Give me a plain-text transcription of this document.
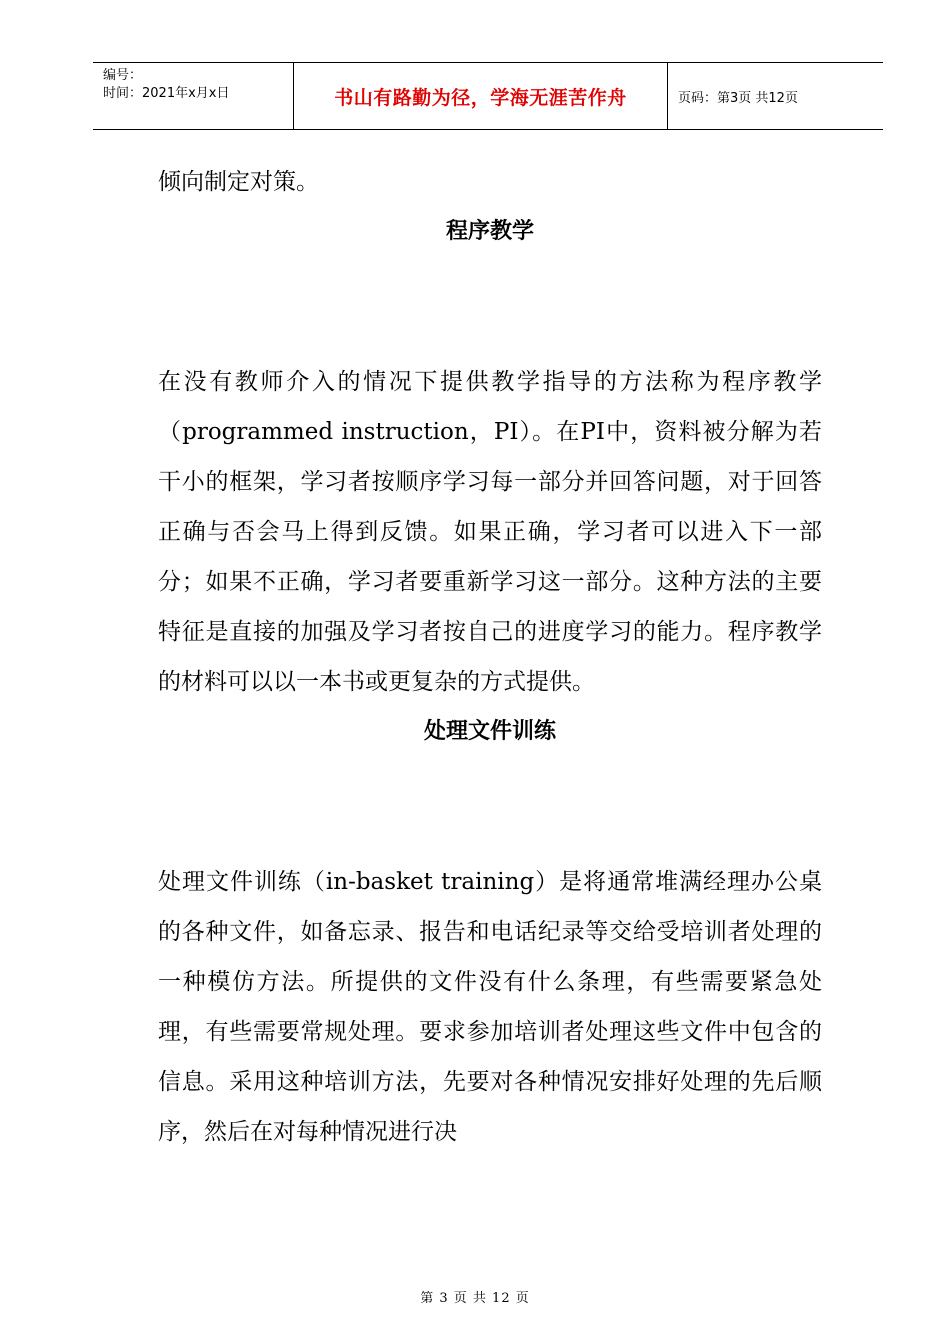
编号：
时间：2021年x月x日	书山有路勤为径，学海无涯苦作舟	页码：第3页 共12页

倾向制定对策。

程序教学

在没有教师介入的情况下提供教学指导的方法称为程序教学（programmed instruction，PI）。在PI中，资料被分解为若干小的框架，学习者按顺序学习每一部分并回答问题，对于回答正确与否会马上得到反馈。如果正确，学习者可以进入下一部分；如果不正确，学习者要重新学习这一部分。这种方法的主要特征是直接的加强及学习者按自己的进度学习的能力。程序教学的材料可以以一本书或更复杂的方式提供。

处理文件训练

处理文件训练（in-basket training）是将通常堆满经理办公桌的各种文件，如备忘录、报告和电话纪录等交给受培训者处理的一种模仿方法。所提供的文件没有什么条理，有些需要紧急处理，有些需要常规处理。要求参加培训者处理这些文件中包含的信息。采用这种培训方法，先要对各种情况安排好处理的先后顺序，然后在对每种情况进行决

第 3 页 共 12 页
